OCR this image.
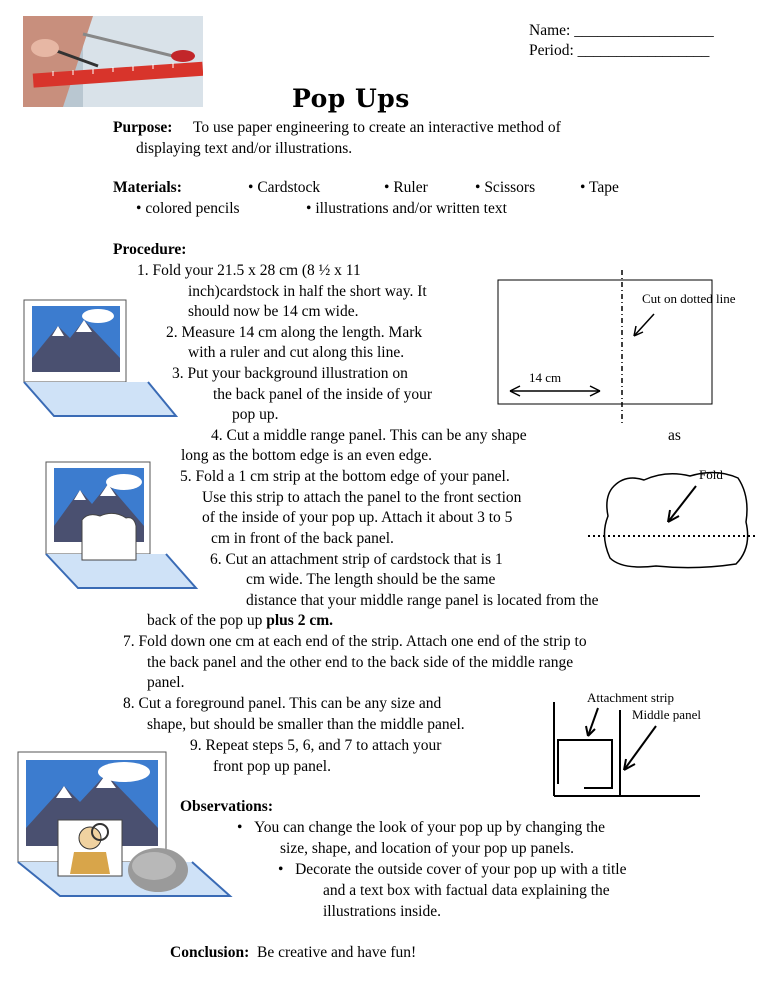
Name: __________________
Period: _________________
Pop Ups
Purpose: To use paper engineering to create an interactive method of
displaying text and/or illustrations.
Materials:	• Cardstock	• Ruler	• Scissors	• Tape
• colored pencils	• illustrations and/or written text
Procedure:
1. Fold your 21.5 x 28 cm (8 ½ x 11
inch)cardstock in half the short way. It
should now be 14 cm wide.
2. Measure 14 cm along the length. Mark
with a ruler and cut along this line.
3. Put your background illustration on
the back panel of the inside of your
pop up.
4. Cut a middle range panel. This can be any shape	as
long as the bottom edge is an even edge.
5. Fold a 1 cm strip at the bottom edge of your panel.
Use this strip to attach the panel to the front section
of the inside of your pop up. Attach it about 3 to 5
cm in front of the back panel.
6. Cut an attachment strip of cardstock that is 1
cm wide. The length should be the same
distance that your middle range panel is located from the
back of the pop up plus 2 cm.
7. Fold down one cm at each end of the strip. Attach one end of the strip to
the back panel and the other end to the back side of the middle range
panel.
8. Cut a foreground panel. This can be any size and
shape, but should be smaller than the middle panel.
9. Repeat steps 5, 6, and 7 to attach your
front pop up panel.
Cut on dotted line
14 cm
Fold
Attachment strip
Middle panel
Observations:
•   You can change the look of your pop up by changing the
size, shape, and location of your pop up panels.
•   Decorate the outside cover of your pop up with a title
and a text box with factual data explaining the
illustrations inside.
Conclusion: Be creative and have fun!
